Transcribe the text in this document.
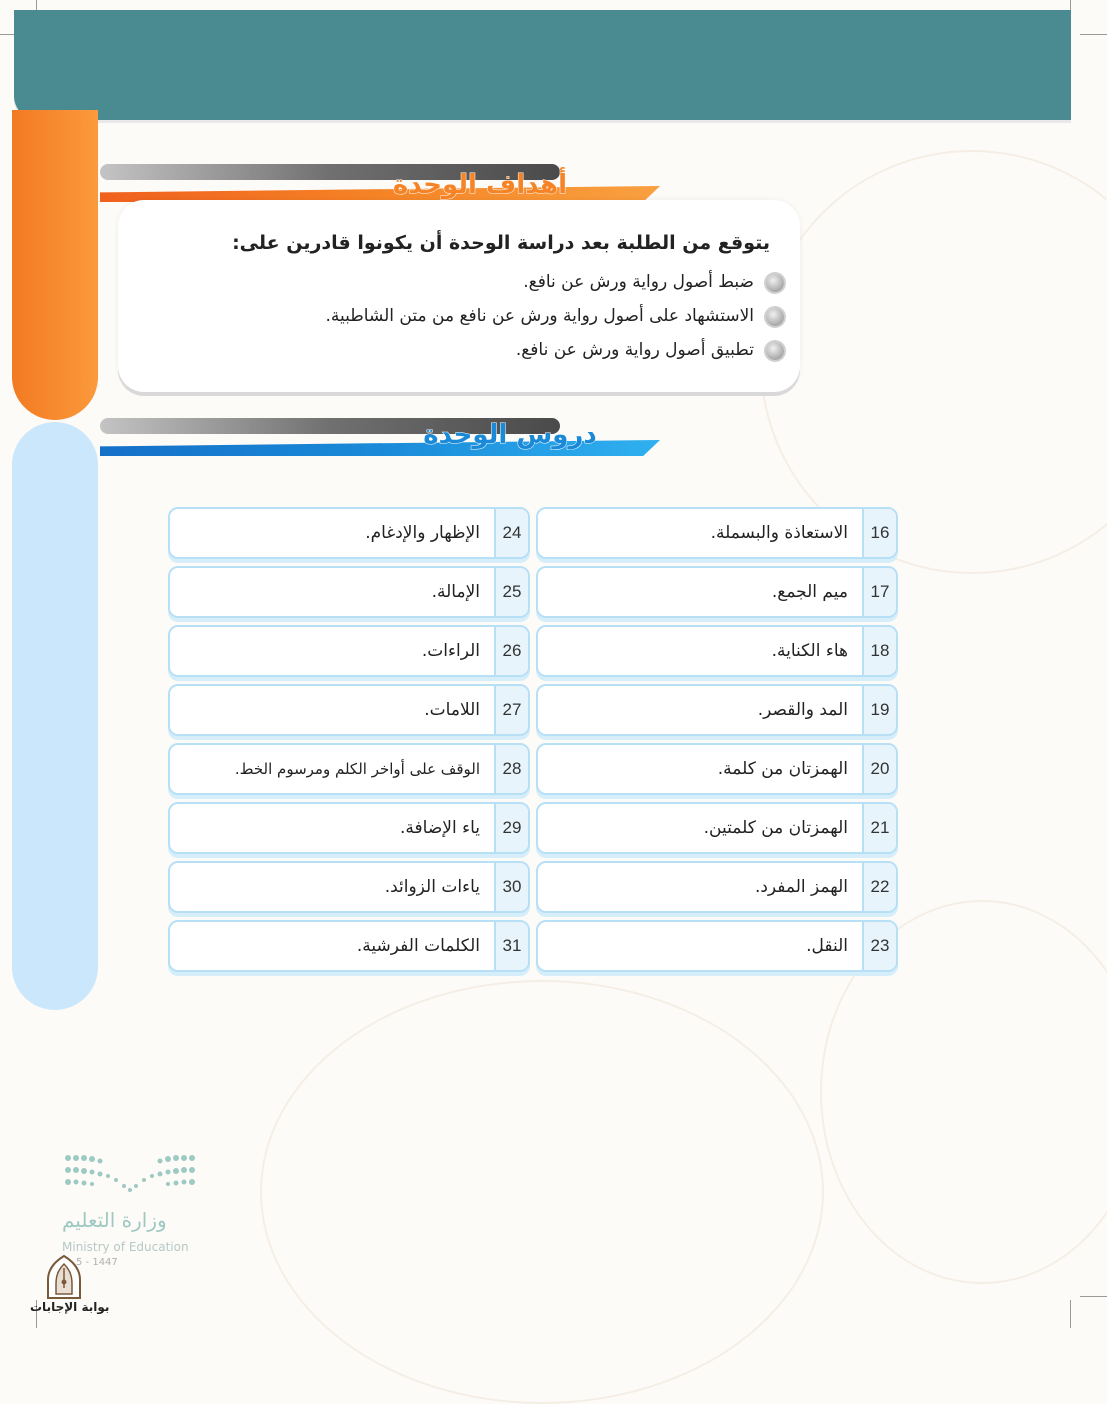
أهداف الوحدة
يتوقع من الطلبة بعد دراسة الوحدة أن يكونوا قادرين على:
ضبط أصول رواية ورش عن نافع.
الاستشهاد على أصول رواية ورش عن نافع من متن الشاطبية.
تطبيق أصول رواية ورش عن نافع.
دروس الوحدة
16
الاستعاذة والبسملة.
17
ميم الجمع.
18
هاء الكناية.
19
المد والقصر.
20
الهمزتان من كلمة.
21
الهمزتان من كلمتين.
22
الهمز المفرد.
23
النقل.
24
الإظهار والإدغام.
25
الإمالة.
26
الراءات.
27
اللامات.
28
الوقف على أواخر الكلم ومرسوم الخط.
29
ياء الإضافة.
30
ياءات الزوائد.
31
الكلمات الفرشية.
وزارة التعليم
Ministry of Education
5 - 1447
بوابة الإجابات
